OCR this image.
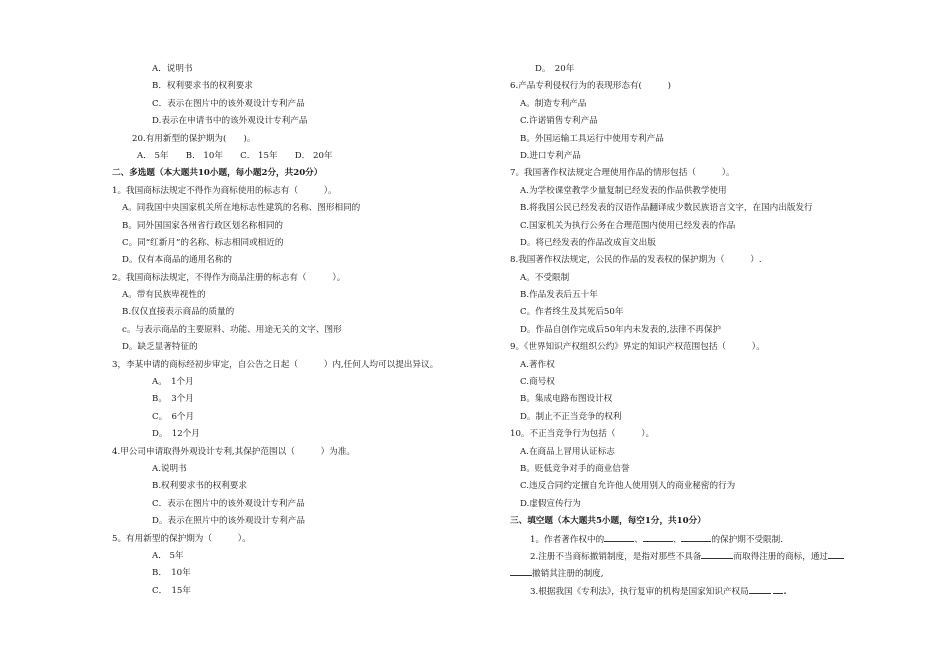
A．说明书
B．权利要求书的权利要求
C．表示在图片中的该外观设计专利产品
D.表示在申请书中的该外观设计专利产品
20.有用新型的保护期为(　　)。
A． 5年　　B． 10年　　C． 15年　　D． 20年
二、多选题（本大题共10小题，每小题2分，共20分）
1。我国商标法规定不得作为商标使用的标志有（　　　）。
A。同我国中央国家机关所在地标志性建筑的名称、图形相同的
B。同外国国家各州省行政区划名称相同的
C。同“红新月”的名称、标志相同或相近的
D。仅有本商品的通用名称的
2。我国商标法规定，不得作为商品注册的标志有（　　　）。
A。带有民族卑视性的
B.仅仅直接表示商品的质量的
c。与表示商品的主要原料、功能、用途无关的文字、图形
D。缺乏显著特征的
3，李某申请的商标经初步审定，自公告之日起（　　　）内,任何人均可以提出异议。
A。　1个月
B。　3个月
C。　6个月
D。　12个月
4.甲公司申请取得外观设计专利,其保护范围以（　　　）为准。
A.说明书
B.权利要求书的权利要求
C．表示在图片中的该外观设计专利产品
D。表示在照片中的该外观设计专利产品
5。有用新型的保护期为（　　　）。
A． 5年
B．　10年
C．　15年
D。　20年
6.产品专利侵权行为的表现形态有(　　　)
A。制造专利产品
C.许诺销售专利产品
B。外国运输工具运行中使用专利产品
D.进口专利产品
7。我国著作权法规定合理使用作品的情形包括（　　　）。
A.为学校课堂教学少量复制已经发表的作品供教学使用
B.将我国公民已经发表的汉语作品翻译成少数民族语言文字，在国内出版发行
C.国家机关为执行公务在合理范围内使用已经发表的作品
D。将已经发表的作品改成盲文出版
8.我国著作权法规定，公民的作品的发表权的保护期为（　　　）.
A。不受限制
B.作品发表后五十年
C。作者终生及其死后50年
D。作品自创作完成后50年内未发表的,法律不再保护
9。《世界知识产权组织公约》界定的知识产权范围包括（　　　）。
A.著作权
C.商号权
B。集成电路布图设计权
D。制止不正当竞争的权利
10。不正当竞争行为包括（　　　）。
A.在商品上冒用认证标志
B。贬低竞争对手的商业信誉
C.违反合同约定擅自允许他人使用别人的商业秘密的行为
D.虚假宣传行为
三、填空题（本大题共5小题，每空1分，共10分）
1。作者著作权中的	、	、	的保护期不受限制.
2.注册不当商标撤销制度，是指对那些不具备	而取得注册的商标，通过
撤销其注册的制度,
3.根据我国《专利法》，执行复审的机构是国家知识产权局	.
